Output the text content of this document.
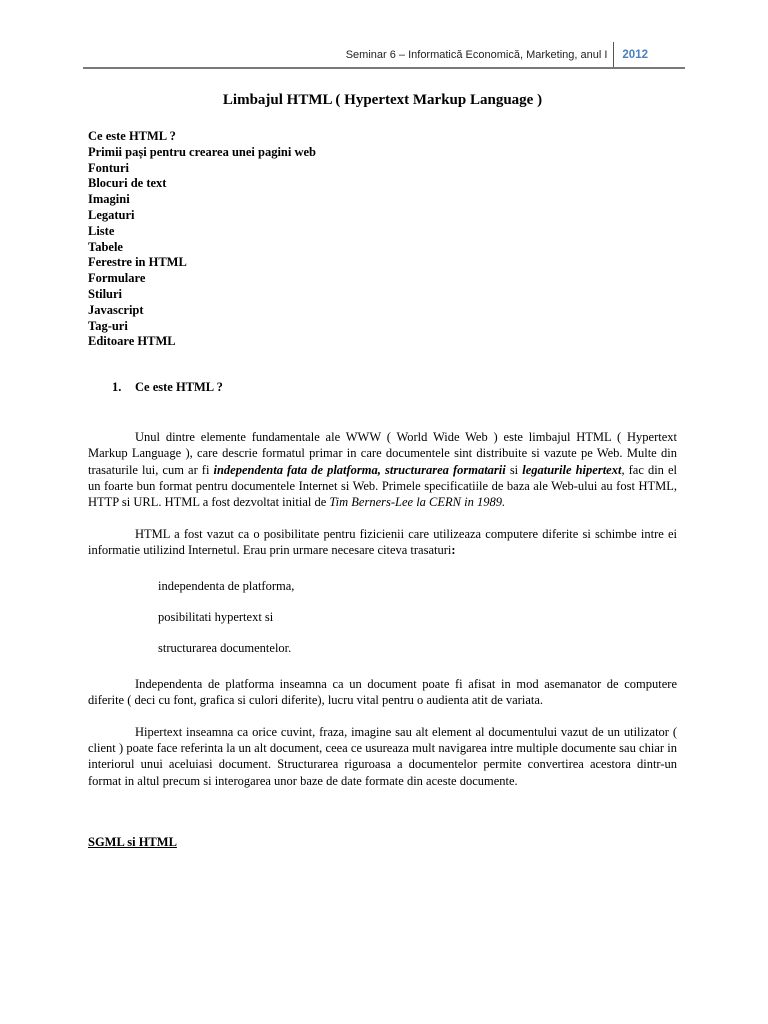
Seminar 6 – Informatică Economică, Marketing, anul I	2012
Limbajul HTML ( Hypertext Markup Language )
Ce este HTML ?
Primii pași pentru crearea unei pagini web
Fonturi
Blocuri de text
Imagini
Legaturi
Liste
Tabele
Ferestre in HTML
Formulare
Stiluri
Javascript
Tag-uri
Editoare HTML
1. Ce este HTML ?

Unul dintre elemente fundamentale ale WWW ( World Wide Web ) este limbajul HTML ( Hypertext Markup Language ), care descrie formatul primar in care documentele sint distribuite si vazute pe Web. Multe din trasaturile lui, cum ar fi independenta fata de platforma, structurarea formatarii si legaturile hipertext, fac din el un foarte bun format pentru documentele Internet si Web. Primele specificatiile de baza ale Web-ului au fost HTML, HTTP si URL. HTML a fost dezvoltat initial de Tim Berners-Lee la CERN in 1989.

HTML a fost vazut ca o posibilitate pentru fizicienii care utilizeaza computere diferite si schimbe intre ei informatie utilizind Internetul. Erau prin urmare necesare citeva trasaturi:

independenta de platforma,
posibilitati hypertext si
structurarea documentelor.

Independenta de platforma inseamna ca un document poate fi afisat in mod asemanator de computere diferite ( deci cu font, grafica si culori diferite), lucru vital pentru o audienta atit de variata.

Hipertext inseamna ca orice cuvint, fraza, imagine sau alt element al documentului vazut de un utilizator ( client ) poate face referinta la un alt document, ceea ce usureaza mult navigarea intre multiple documente sau chiar in interiorul unui aceluiasi document. Structurarea riguroasa a documentelor permite convertirea acestora dintr-un format in altul precum si interogarea unor baze de date formate din aceste documente.

SGML si HTML
